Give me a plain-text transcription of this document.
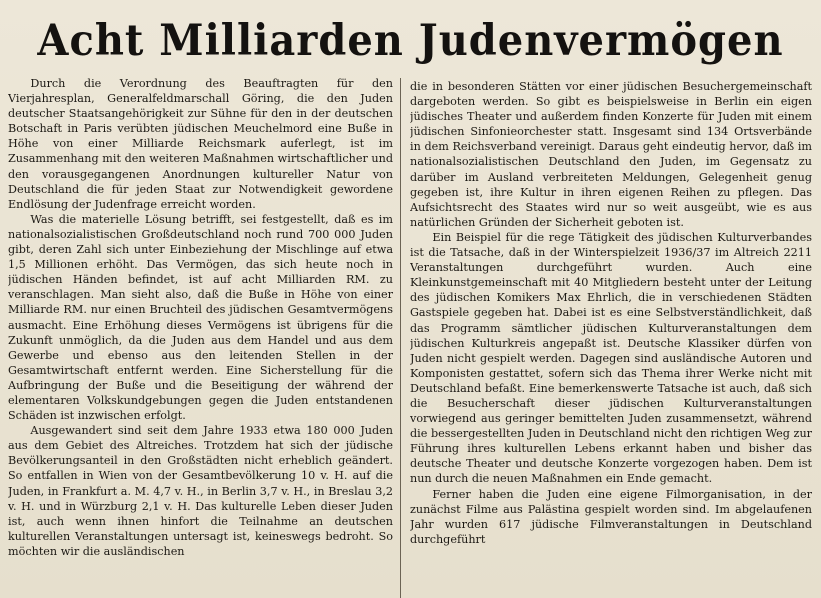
Acht Milliarden Judenvermögen

Durch die Verordnung des Beauftragten für den Vierjahresplan, Generalfeldmarschall Göring, die den Juden deutscher Staatsangehörigkeit zur Sühne für den in der deutschen Botschaft in Paris verübten jüdischen Meuchelmord eine Buße in Höhe von einer Milliarde Reichsmark auferlegt, ist im Zusammenhang mit den weiteren Maßnahmen wirtschaftlicher und den vorausgegangenen Anordnungen kultureller Natur von Deutschland die für jeden Staat zur Notwendigkeit gewordene Endlösung der Judenfrage erreicht worden.

Was die materielle Lösung betrifft, sei festgestellt, daß es im nationalsozialistischen Großdeutschland noch rund 700 000 Juden gibt, deren Zahl sich unter Einbeziehung der Mischlinge auf etwa 1,5 Millionen erhöht. Das Vermögen, das sich heute noch in jüdischen Händen befindet, ist auf acht Milliarden RM. zu veranschlagen. Man sieht also, daß die Buße in Höhe von einer Milliarde RM. nur einen Bruchteil des jüdischen Gesamtvermögens ausmacht. Eine Erhöhung dieses Vermögens ist übrigens für die Zukunft unmöglich, da die Juden aus dem Handel und aus dem Gewerbe und ebenso aus den leitenden Stellen in der Gesamtwirtschaft entfernt werden. Eine Sicherstellung für die Aufbringung der Buße und die Beseitigung der während der elementaren Volkskundgebungen gegen die Juden entstandenen Schäden ist inzwischen erfolgt.

Ausgewandert sind seit dem Jahre 1933 etwa 180 000 Juden aus dem Gebiet des Altreiches. Trotzdem hat sich der jüdische Bevölkerungsanteil in den Großstädten nicht erheblich geändert. So entfallen in Wien von der Gesamtbevölkerung 10 v. H. auf die Juden, in Frankfurt a. M. 4,7 v. H., in Berlin 3,7 v. H., in Breslau 3,2 v. H. und in Würzburg 2,1 v. H. Das kulturelle Leben dieser Juden ist, auch wenn ihnen hinfort die Teilnahme an deutschen kulturellen Veranstaltungen untersagt ist, keineswegs bedroht. So möchten wir die ausländischen

die in besonderen Stätten vor einer jüdischen Besuchergemeinschaft dargeboten werden. So gibt es beispielsweise in Berlin ein eigen jüdisches Theater und außerdem finden Konzerte für Juden mit einem jüdischen Sinfonieorchester statt. Insgesamt sind 134 Ortsverbände in dem Reichsverband vereinigt. Daraus geht eindeutig hervor, daß im nationalsozialistischen Deutschland den Juden, im Gegensatz zu darüber im Ausland verbreiteten Meldungen, Gelegenheit genug gegeben ist, ihre Kultur in ihren eigenen Reihen zu pflegen. Das Aufsichtsrecht des Staates wird nur so weit ausgeübt, wie es aus natürlichen Gründen der Sicherheit geboten ist.

Ein Beispiel für die rege Tätigkeit des jüdischen Kulturverbandes ist die Tatsache, daß in der Winterspielzeit 1936/37 im Altreich 2211 Veranstaltungen durchgeführt wurden. Auch eine Kleinkunstgemeinschaft mit 40 Mitgliedern besteht unter der Leitung des jüdischen Komikers Max Ehrlich, die in verschiedenen Städten Gastspiele gegeben hat. Dabei ist es eine Selbstverständlichkeit, daß das Programm sämtlicher jüdischen Kulturveranstaltungen dem jüdischen Kulturkreis angepaßt ist. Deutsche Klassiker dürfen von Juden nicht gespielt werden. Dagegen sind ausländische Autoren und Komponisten gestattet, sofern sich das Thema ihrer Werke nicht mit Deutschland befaßt. Eine bemerkenswerte Tatsache ist auch, daß sich die Besucherschaft dieser jüdischen Kulturveranstaltungen vorwiegend aus geringer bemittelten Juden zusammensetzt, während die bessergestellten Juden in Deutschland nicht den richtigen Weg zur Führung ihres kulturellen Lebens erkannt haben und bisher das deutsche Theater und deutsche Konzerte vorgezogen haben. Dem ist nun durch die neuen Maßnahmen ein Ende gemacht.

Ferner haben die Juden eine eigene Filmorganisation, in der zunächst Filme aus Palästina gespielt worden sind. Im abgelaufenen Jahr wurden 617 jüdische Filmveranstaltungen in Deutschland durchgeführt
